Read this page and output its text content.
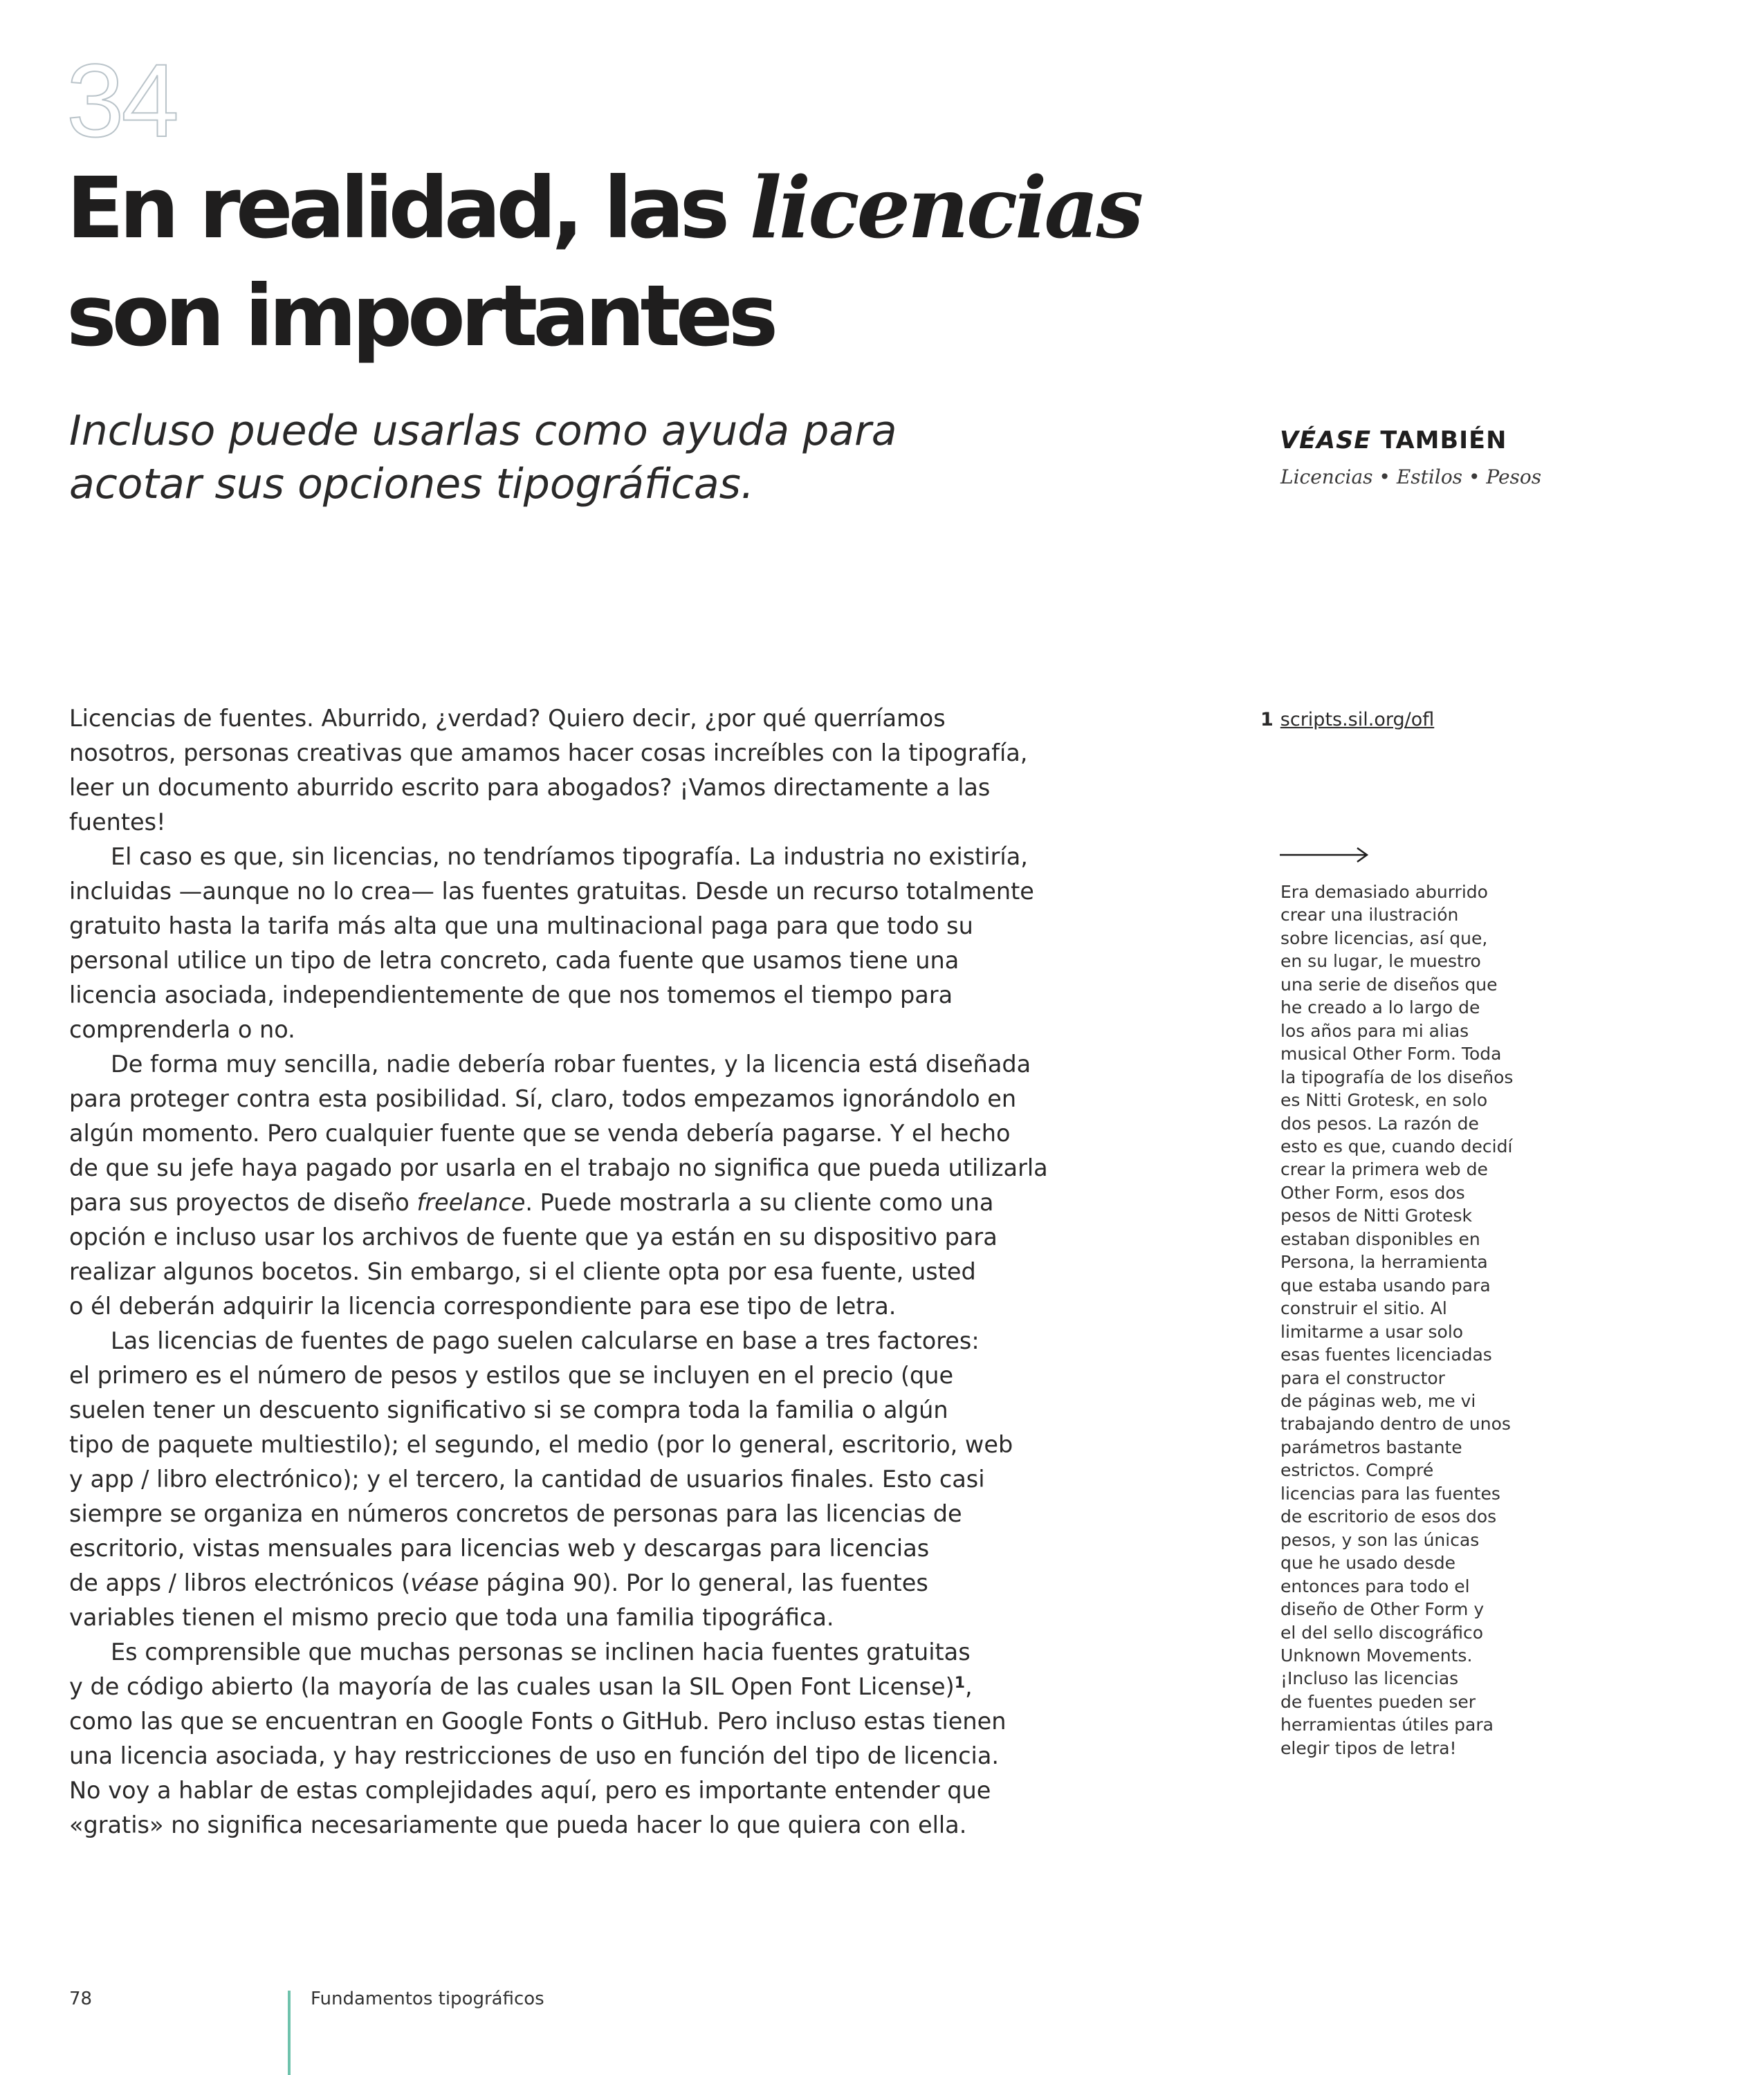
34
En realidad, las licencias
son importantes
Incluso puede usarlas como ayuda para
acotar sus opciones tipográficas.
VÉASE TAMBIÉN
Licencias • Estilos • Pesos

Licencias de fuentes. Aburrido, ¿verdad? Quiero decir, ¿por qué querríamos

nosotros, personas creativas que amamos hacer cosas increíbles con la tipografía,

leer un documento aburrido escrito para abogados? ¡Vamos directamente a las

fuentes!

El caso es que, sin licencias, no tendríamos tipografía. La industria no existiría,

incluidas —aunque no lo crea— las fuentes gratuitas. Desde un recurso totalmente

gratuito hasta la tarifa más alta que una multinacional paga para que todo su

personal utilice un tipo de letra concreto, cada fuente que usamos tiene una

licencia asociada, independientemente de que nos tomemos el tiempo para

comprenderla o no.

De forma muy sencilla, nadie debería robar fuentes, y la licencia está diseñada

para proteger contra esta posibilidad. Sí, claro, todos empezamos ignorándolo en

algún momento. Pero cualquier fuente que se venda debería pagarse. Y el hecho

de que su jefe haya pagado por usarla en el trabajo no significa que pueda utilizarla

para sus proyectos de diseño freelance. Puede mostrarla a su cliente como una

opción e incluso usar los archivos de fuente que ya están en su dispositivo para

realizar algunos bocetos. Sin embargo, si el cliente opta por esa fuente, usted

o él deberán adquirir la licencia correspondiente para ese tipo de letra.

Las licencias de fuentes de pago suelen calcularse en base a tres factores:

el primero es el número de pesos y estilos que se incluyen en el precio (que

suelen tener un descuento significativo si se compra toda la familia o algún

tipo de paquete multiestilo); el segundo, el medio (por lo general, escritorio, web

y app / libro electrónico); y el tercero, la cantidad de usuarios finales. Esto casi

siempre se organiza en números concretos de personas para las licencias de

escritorio, vistas mensuales para licencias web y descargas para licencias

de apps / libros electrónicos (véase página 90). Por lo general, las fuentes

variables tienen el mismo precio que toda una familia tipográfica.

Es comprensible que muchas personas se inclinen hacia fuentes gratuitas

y de código abierto (la mayoría de las cuales usan la SIL Open Font License)$^1$,

como las que se encuentran en Google Fonts o GitHub. Pero incluso estas tienen

una licencia asociada, y hay restricciones de uso en función del tipo de licencia.

No voy a hablar de estas complejidades aquí, pero es importante entender que

«gratis» no significa necesariamente que pueda hacer lo que quiera con ella.

1 scripts.sil.org/ofl

Era demasiado aburrido

crear una ilustración

sobre licencias, así que,

en su lugar, le muestro

una serie de diseños que

he creado a lo largo de

los años para mi alias

musical Other Form. Toda

la tipografía de los diseños

es Nitti Grotesk, en solo

dos pesos. La razón de

esto es que, cuando decidí

crear la primera web de

Other Form, esos dos

pesos de Nitti Grotesk

estaban disponibles en

Persona, la herramienta

que estaba usando para

construir el sitio. Al

limitarme a usar solo

esas fuentes licenciadas

para el constructor

de páginas web, me vi

trabajando dentro de unos

parámetros bastante

estrictos. Compré

licencias para las fuentes

de escritorio de esos dos

pesos, y son las únicas

que he usado desde

entonces para todo el

diseño de Other Form y

el del sello discográfico

Unknown Movements.

¡Incluso las licencias

de fuentes pueden ser

herramientas útiles para

elegir tipos de letra!

78	Fundamentos tipográficos
